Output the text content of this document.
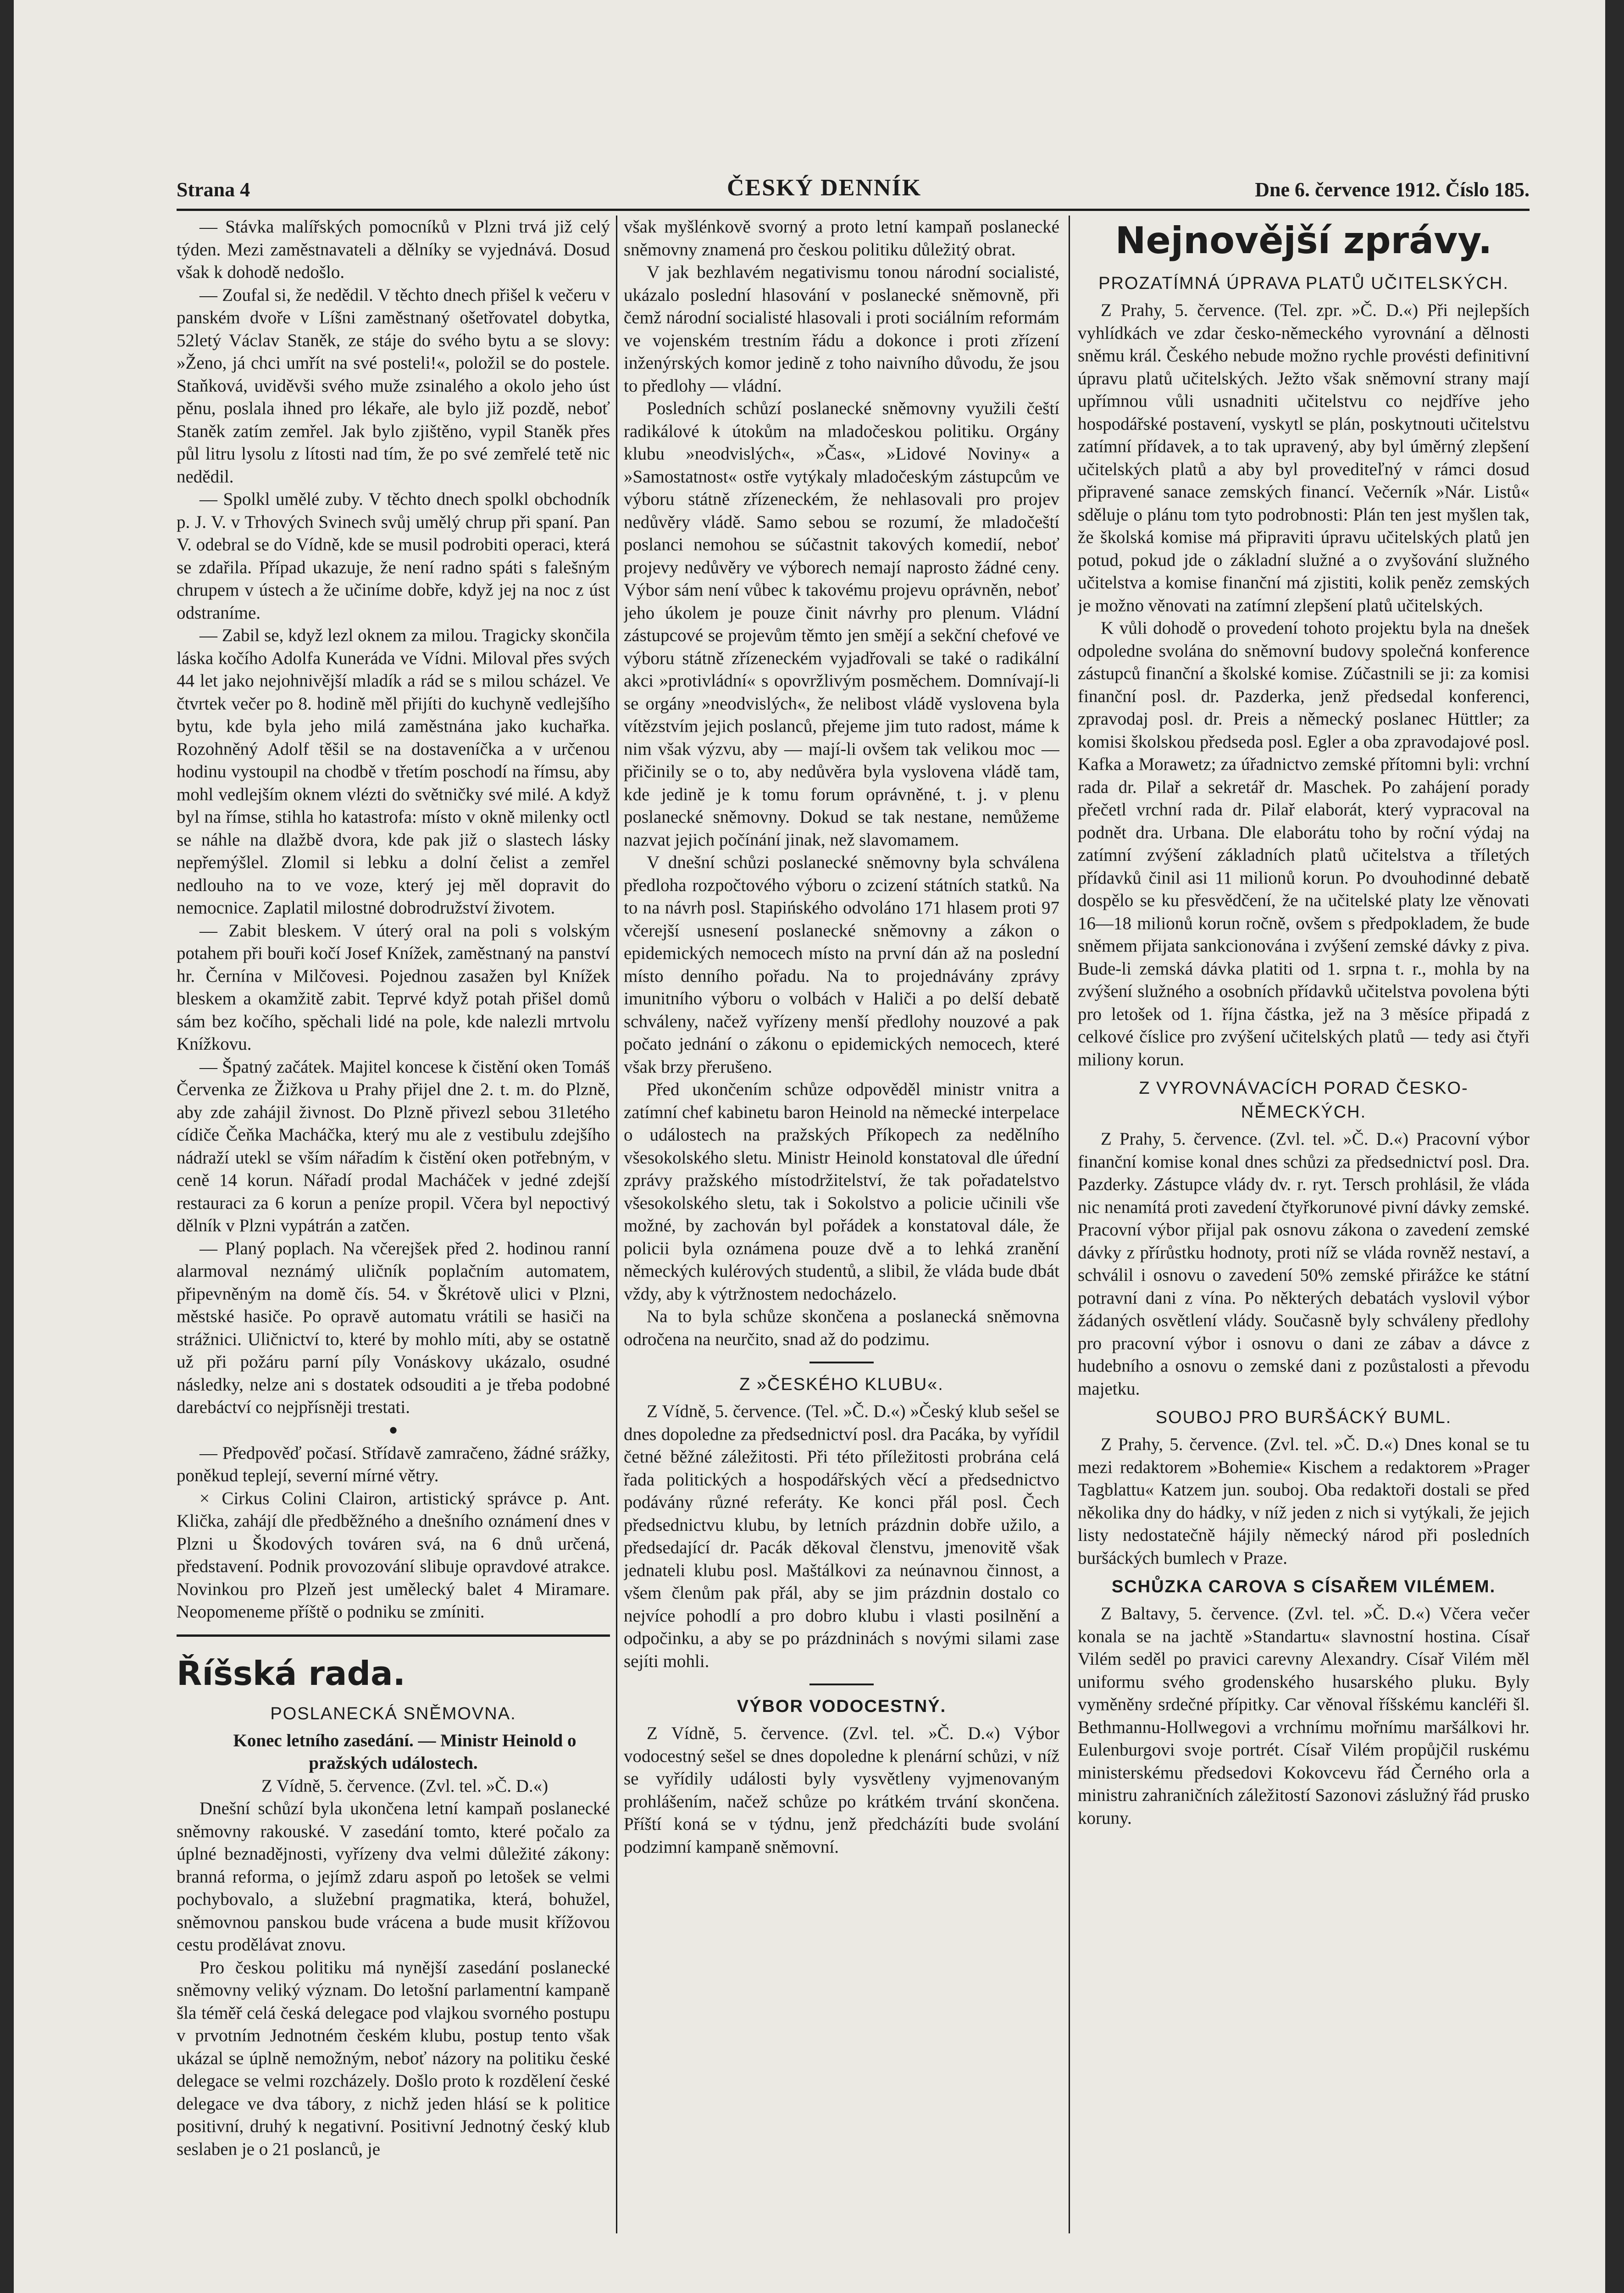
Strana 4	ČESKÝ DENNÍK	Dne 6. července 1912. Číslo 185.

— Stávka malířských pomocníků v Plzni trvá již celý týden. Mezi zaměstnavateli a dělníky se vyjednává. Dosud však k dohodě nedošlo.

— Zoufal si, že nedědil. V těchto dnech přišel k večeru v panském dvoře v Líšni zaměstnaný ošetřovatel dobytka, 52letý Václav Staněk, ze stáje do svého bytu a se slovy: »Ženo, já chci umřít na své posteli!«, položil se do postele. Staňková, uviděvši svého muže zsinalého a okolo jeho úst pěnu, poslala ihned pro lékaře, ale bylo již pozdě, neboť Staněk zatím zemřel. Jak bylo zjištěno, vypil Staněk přes půl litru lysolu z lítosti nad tím, že po své zemřelé tetě nic nedědil.

— Spolkl umělé zuby. V těchto dnech spolkl obchodník p. J. V. v Trhových Svinech svůj umělý chrup při spaní. Pan V. odebral se do Vídně, kde se musil podrobiti operaci, která se zdařila. Případ ukazuje, že není radno spáti s falešným chrupem v ústech a že učiníme dobře, když jej na noc z úst odstraníme.

— Zabil se, když lezl oknem za milou. Tragicky skončila láska kočího Adolfa Kuneráda ve Vídni. Miloval přes svých 44 let jako nejohnivější mladík a rád se s milou scházel. Ve čtvrtek večer po 8. hodině měl přijíti do kuchyně vedlejšího bytu, kde byla jeho milá zaměstnána jako kuchařka. Rozohněný Adolf těšil se na dostaveníčka a v určenou hodinu vystoupil na chodbě v třetím poschodí na římsu, aby mohl vedlejším oknem vlézti do světničky své milé. A když byl na římse, stihla ho katastrofa: místo v okně milenky octl se náhle na dlažbě dvora, kde pak již o slastech lásky nepřemýšlel. Zlomil si lebku a dolní čelist a zemřel nedlouho na to ve voze, který jej měl dopravit do nemocnice. Zaplatil milostné dobrodružství životem.

— Zabit bleskem. V úterý oral na poli s volským potahem při bouři kočí Josef Knížek, zaměstnaný na panství hr. Černína v Milčovesi. Pojednou zasažen byl Knížek bleskem a okamžitě zabit. Teprvé když potah přišel domů sám bez kočího, spěchali lidé na pole, kde nalezli mrtvolu Knížkovu.

— Špatný začátek. Majitel koncese k čistění oken Tomáš Červenka ze Žižkova u Prahy přijel dne 2. t. m. do Plzně, aby zde zahájil živnost. Do Plzně přivezl sebou 31letého cídiče Čeňka Macháčka, který mu ale z vestibulu zdejšího nádraží utekl se vším nářadím k čistění oken potřebným, v ceně 14 korun. Nářadí prodal Macháček v jedné zdejší restauraci za 6 korun a peníze propil. Včera byl nepoctivý dělník v Plzni vypátrán a zatčen.

— Planý poplach. Na včerejšek před 2. hodinou ranní alarmoval neznámý uličník poplačním automatem, připevněným na domě čís. 54. v Škrétově ulici v Plzni, městské hasiče. Po opravě automatu vrátili se hasiči na strážnici. Uličnictví to, které by mohlo míti, aby se ostatně už při požáru parní píly Vonáskovy ukázalo, osudné následky, nelze ani s dostatek odsouditi a je třeba podobné darebáctví co nejpřísněji trestati.

•

— Předpověď počasí. Střídavě zamračeno, žádné srážky, poněkud teplejí, severní mírné větry.

× Cirkus Colini Clairon, artistický správce p. Ant. Klička, zahájí dle předběžného a dnešního oznámení dnes v Plzni u Škodových továren svá, na 6 dnů určená, představení. Podnik provozování slibuje opravdové atrakce. Novinkou pro Plzeň jest umělecký balet 4 Miramare. Neopomeneme příště o podniku se zmíniti.

Říšská rada.
POSLANECKÁ SNĚMOVNA.

Konec letního zasedání. — Ministr Heinold o pražských událostech.

Z Vídně, 5. července. (Zvl. tel. »Č. D.«)

Dnešní schůzí byla ukončena letní kampaň poslanecké sněmovny rakouské. V zasedání tomto, které počalo za úplné beznadějnosti, vyřízeny dva velmi důležité zákony: branná reforma, o jejímž zdaru aspoň po letošek se velmi pochybovalo, a služební pragmatika, která, bohužel, sněmovnou panskou bude vrácena a bude musit křížovou cestu prodělávat znovu.

Pro českou politiku má nynější zasedání poslanecké sněmovny veliký význam. Do letošní parlamentní kampaně šla téměř celá česká delegace pod vlajkou svorného postupu v prvotním Jednotném českém klubu, postup tento však ukázal se úplně nemožným, neboť názory na politiku české delegace se velmi rozcházely. Došlo proto k rozdělení české delegace ve dva tábory, z nichž jeden hlásí se k politice positivní, druhý k negativní. Positivní Jednotný český klub seslaben je o 21 poslanců, je

však myšlénkově svorný a proto letní kampaň poslanecké sněmovny znamená pro českou politiku důležitý obrat.

V jak bezhlavém negativismu tonou národní socialisté, ukázalo poslední hlasování v poslanecké sněmovně, při čemž národní socialisté hlasovali i proti sociálním reformám ve vojenském trestním řádu a dokonce i proti zřízení inženýrských komor jedině z toho naivního důvodu, že jsou to předlohy — vládní.

Posledních schůzí poslanecké sněmovny využili čeští radikálové k útokům na mladočeskou politiku. Orgány klubu »neodvislých«, »Čas«, »Lidové Noviny« a »Samostatnost« ostře vytýkaly mladočeským zástupcům ve výboru státně zřízeneckém, že nehlasovali pro projev nedůvěry vládě. Samo sebou se rozumí, že mladočeští poslanci nemohou se súčastnit takových komedií, neboť projevy nedůvěry ve výborech nemají naprosto žádné ceny. Výbor sám není vůbec k takovému projevu oprávněn, neboť jeho úkolem je pouze činit návrhy pro plenum. Vládní zástupcové se projevům těmto jen smějí a sekční chefové ve výboru státně zřízeneckém vyjadřovali se také o radikální akci »protivládní« s opovržlivým posměchem. Domnívají-li se orgány »neodvislých«, že nelibost vládě vyslovena byla vítězstvím jejich poslanců, přejeme jim tuto radost, máme k nim však výzvu, aby — mají-li ovšem tak velikou moc — přičinily se o to, aby nedůvěra byla vyslovena vládě tam, kde jedině je k tomu forum oprávněné, t. j. v plenu poslanecké sněmovny. Dokud se tak nestane, nemůžeme nazvat jejich počínání jinak, než slavomamem.

V dnešní schůzi poslanecké sněmovny byla schválena předloha rozpočtového výboru o zcizení státních statků. Na to na návrh posl. Stapińského odvoláno 171 hlasem proti 97 včerejší usnesení poslanecké sněmovny a zákon o epidemických nemocech místo na první dán až na poslední místo denního pořadu. Na to projednávány zprávy imunitního výboru o volbách v Haliči a po delší debatě schváleny, načež vyřízeny menší předlohy nouzové a pak počato jednání o zákonu o epidemických nemocech, které však brzy přerušeno.

Před ukončením schůze odpověděl ministr vnitra a zatímní chef kabinetu baron Heinold na německé interpelace o událostech na pražských Příkopech za nedělního všesokolského sletu. Ministr Heinold konstatoval dle úřední zprávy pražského místodržitelství, že tak pořadatelstvo všesokolského sletu, tak i Sokolstvo a policie učinili vše možné, by zachován byl pořádek a konstatoval dále, že policii byla oznámena pouze dvě a to lehká zranění německých kulérových studentů, a slibil, že vláda bude dbát vždy, aby k výtržnostem nedocházelo.

Na to byla schůze skončena a poslanecká sněmovna odročena na neurčito, snad až do podzimu.

Z »ČESKÉHO KLUBU«.

Z Vídně, 5. července. (Tel. »Č. D.«) »Český klub sešel se dnes dopoledne za předsednictví posl. dra Pacáka, by vyřídil četné běžné záležitosti. Při této příležitosti probrána celá řada politických a hospodářských věcí a předsednictvo podávány různé referáty. Ke konci přál posl. Čech předsednictvu klubu, by letních prázdnin dobře užilo, a předsedající dr. Pacák děkoval členstvu, jmenovitě však jednateli klubu posl. Maštálkovi za neúnavnou činnost, a všem členům pak přál, aby se jim prázdnin dostalo co nejvíce pohodlí a pro dobro klubu i vlasti posilnění a odpočinku, a aby se po prázdninách s novými silami zase sejíti mohli.

VÝBOR VODOCESTNÝ.

Z Vídně, 5. července. (Zvl. tel. »Č. D.«) Výbor vodocestný sešel se dnes dopoledne k plenární schůzi, v níž se vyřídily události byly vysvětleny vyjmenovaným prohlášením, načež schůze po krátkém trvání skončena. Příští koná se v týdnu, jenž předcházíti bude svolání podzimní kampaně sněmovní.

Nejnovější zprávy.
PROZATÍMNÁ ÚPRAVA PLATŮ UČITELSKÝCH.

Z Prahy, 5. července. (Tel. zpr. »Č. D.«) Při nejlepších vyhlídkách ve zdar česko-německého vyrovnání a dělnosti sněmu král. Českého nebude možno rychle provésti definitivní úpravu platů učitelských. Ježto však sněmovní strany mají upřímnou vůli usnadniti učitelstvu co nejdříve jeho hospodářské postavení, vyskytl se plán, poskytnouti učitelstvu zatímní přídavek, a to tak upravený, aby byl úměrný zlepšení učitelských platů a aby byl provediteľný v rámci dosud připravené sanace zemských financí. Večerník »Nár. Listů« sděluje o plánu tom tyto podrobnosti: Plán ten jest myšlen tak, že školská komise má připraviti úpravu učitelských platů jen potud, pokud jde o základní služné a o zvyšování služného učitelstva a komise finanční má zjistiti, kolik peněz zemských je možno věnovati na zatímní zlepšení platů učitelských.

K vůli dohodě o provedení tohoto projektu byla na dnešek odpoledne svolána do sněmovní budovy společná konference zástupců finanční a školské komise. Zúčastnili se ji: za komisi finanční posl. dr. Pazderka, jenž předsedal konferenci, zpravodaj posl. dr. Preis a německý poslanec Hüttler; za komisi školskou předseda posl. Egler a oba zpravodajové posl. Kafka a Morawetz; za úřadnictvo zemské přítomni byli: vrchní rada dr. Pilař a sekretář dr. Maschek. Po zahájení porady přečetl vrchní rada dr. Pilař elaborát, který vypracoval na podnět dra. Urbana. Dle elaborátu toho by roční výdaj na zatímní zvýšení základních platů učitelstva a tříletých přídavků činil asi 11 milionů korun. Po dvouhodinné debatě dospělo se ku přesvědčení, že na učitelské platy lze věnovati 16—18 milionů korun ročně, ovšem s předpokladem, že bude sněmem přijata sankcionována i zvýšení zemské dávky z piva. Bude-li zemská dávka platiti od 1. srpna t. r., mohla by na zvýšení služného a osobních přídavků učitelstva povolena býti pro letošek od 1. října částka, jež na 3 měsíce připadá z celkové číslice pro zvýšení učitelských platů — tedy asi čtyři miliony korun.

Z VYROVNÁVACÍCH PORAD ČESKO-NĚMECKÝCH.

Z Prahy, 5. července. (Zvl. tel. »Č. D.«) Pracovní výbor finanční komise konal dnes schůzi za předsednictví posl. Dra. Pazderky. Zástupce vlády dv. r. ryt. Tersch prohlásil, že vláda nic nenamítá proti zavedení čtyřkorunové pivní dávky zemské. Pracovní výbor přijal pak osnovu zákona o zavedení zemské dávky z přírůstku hodnoty, proti níž se vláda rovněž nestaví, a schválil i osnovu o zavedení 50% zemské přirážce ke státní potravní dani z vína. Po některých debatách vyslovil výbor žádaných osvětlení vlády. Současně byly schváleny předlohy pro pracovní výbor i osnovu o dani ze zábav a dávce z hudebního a osnovu o zemské dani z pozůstalosti a převodu majetku.

SOUBOJ PRO BURŠÁCKÝ BUML.

Z Prahy, 5. července. (Zvl. tel. »Č. D.«) Dnes konal se tu mezi redaktorem »Bohemie« Kischem a redaktorem »Prager Tagblattu« Katzem jun. souboj. Oba redaktoři dostali se před několika dny do hádky, v níž jeden z nich si vytýkali, že jejich listy nedostatečně hájily německý národ při posledních buršáckých bumlech v Praze.

SCHŮZKA CAROVA S CÍSAŘEM VILÉMEM.

Z Baltavy, 5. července. (Zvl. tel. »Č. D.«) Včera večer konala se na jachtě »Standartu« slavnostní hostina. Císař Vilém seděl po pravici carevny Alexandry. Císař Vilém měl uniformu svého grodenského husarského pluku. Byly vyměněny srdečné přípitky. Car věnoval říšskému kancléři šl. Bethmannu-Hollwegovi a vrchnímu mořnímu maršálkovi hr. Eulenburgovi svoje portrét. Císař Vilém propůjčil ruskému ministerskému předsedovi Kokovcevu řád Černého orla a ministru zahraničních záležitostí Sazonovi záslužný řád prusko koruny.
